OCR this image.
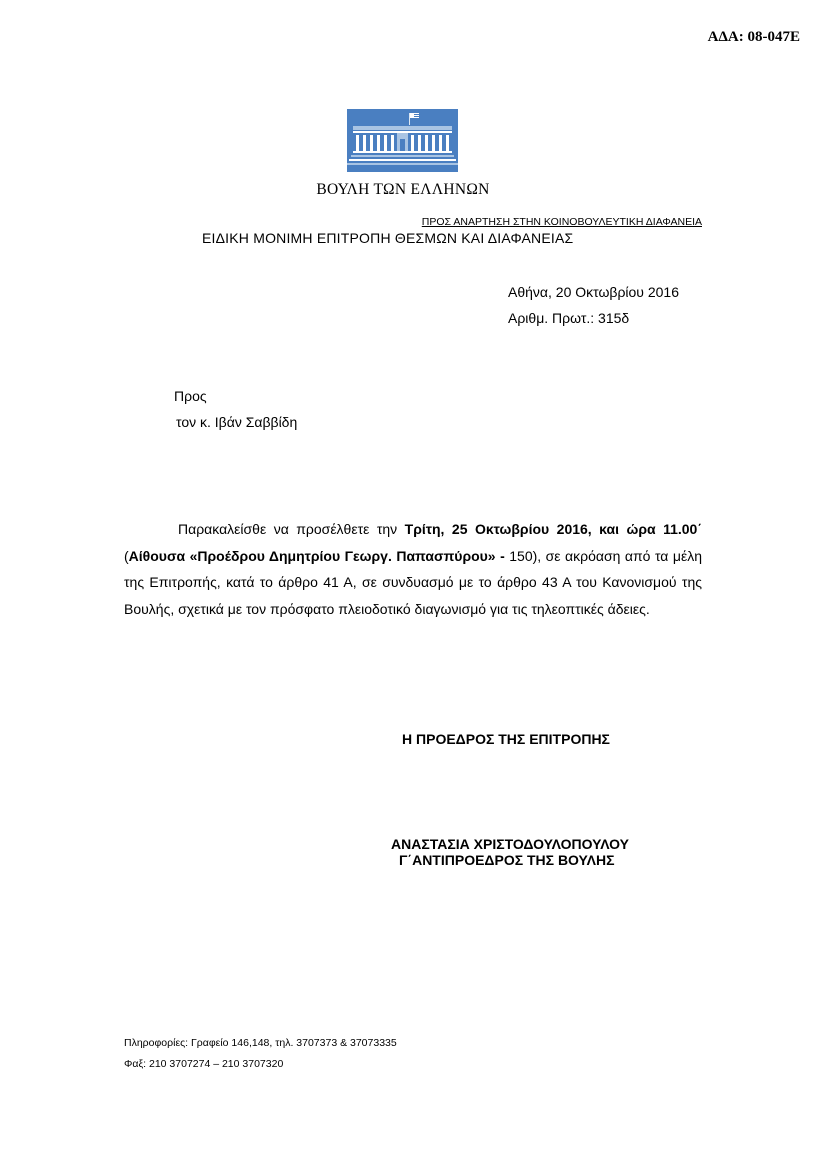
ΑΔΑ: 08-047Ε
ΒΟΥΛΗ ΤΩΝ ΕΛΛΗΝΩΝ
ΠΡΟΣ ΑΝΑΡΤΗΣΗ ΣΤΗΝ ΚΟΙΝΟΒΟΥΛΕΥΤΙΚΗ ΔΙΑΦΑΝΕΙΑ
ΕΙΔΙΚΗ ΜΟΝΙΜΗ ΕΠΙΤΡΟΠΗ ΘΕΣΜΩΝ ΚΑΙ ΔΙΑΦΑΝΕΙΑΣ
Αθήνα, 20 Οκτωβρίου 2016
Αριθμ. Πρωτ.: 315δ
Προς
τον κ. Ιβάν Σαββίδη
Παρακαλείσθε να προσέλθετε την Τρίτη, 25 Οκτωβρίου 2016, και ώρα 11.00΄ (Αίθουσα «Προέδρου Δημητρίου Γεωργ. Παπασπύρου» - 150), σε ακρόαση από τα μέλη της Επιτροπής, κατά το άρθρο 41 Α, σε συνδυασμό με το άρθρο 43 Α του Κανονισμού της Βουλής, σχετικά με τον πρόσφατο πλειοδοτικό διαγωνισμό για τις τηλεοπτικές άδειες.
Η ΠΡΟΕΔΡΟΣ ΤΗΣ ΕΠΙΤΡΟΠΗΣ
ΑΝΑΣΤΑΣΙΑ ΧΡΙΣΤΟΔΟΥΛΟΠΟΥΛΟΥ
Γ΄ΑΝΤΙΠΡΟΕΔΡΟΣ ΤΗΣ ΒΟΥΛΗΣ
Πληροφορίες: Γραφείο 146,148, τηλ. 3707373 & 37073335
Φαξ: 210 3707274 – 210 3707320
